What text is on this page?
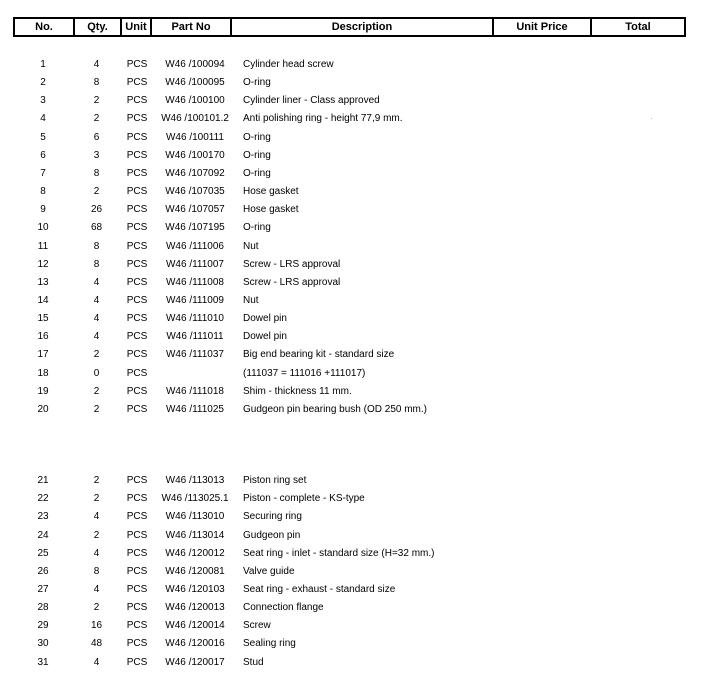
No.	Qty.	Unit	Part No	Description	Unit Price	Total
1	4	PCS	W46 /100094	Cylinder head screw
2	8	PCS	W46 /100095	O-ring
3	2	PCS	W46 /100100	Cylinder liner - Class approved
4	2	PCS	W46 /100101.2	Anti polishing ring - height 77,9 mm.
5	6	PCS	W46 /100111	O-ring
6	3	PCS	W46 /100170	O-ring
7	8	PCS	W46 /107092	O-ring
8	2	PCS	W46 /107035	Hose gasket
9	26	PCS	W46 /107057	Hose gasket
10	68	PCS	W46 /107195	O-ring
11	8	PCS	W46 /111006	Nut
12	8	PCS	W46 /111007	Screw - LRS approval
13	4	PCS	W46 /111008	Screw - LRS approval
14	4	PCS	W46 /111009	Nut
15	4	PCS	W46 /111010	Dowel pin
16	4	PCS	W46 /111011	Dowel pin
17	2	PCS	W46 /111037	Big end bearing kit - standard size
18	0	PCS	(111037 = 111016 +111017)
19	2	PCS	W46 /111018	Shim - thickness 11 mm.
20	2	PCS	W46 /111025	Gudgeon pin bearing bush (OD 250 mm.)
21	2	PCS	W46 /113013	Piston ring set
22	2	PCS	W46 /113025.1	Piston - complete - KS-type
23	4	PCS	W46 /113010	Securing ring
24	2	PCS	W46 /113014	Gudgeon pin
25	4	PCS	W46 /120012	Seat ring - inlet - standard size (H=32 mm.)
26	8	PCS	W46 /120081	Valve guide
27	4	PCS	W46 /120103	Seat ring - exhaust - standard size
28	2	PCS	W46 /120013	Connection flange
29	16	PCS	W46 /120014	Screw
30	48	PCS	W46 /120016	Sealing ring
31	4	PCS	W46 /120017	Stud
